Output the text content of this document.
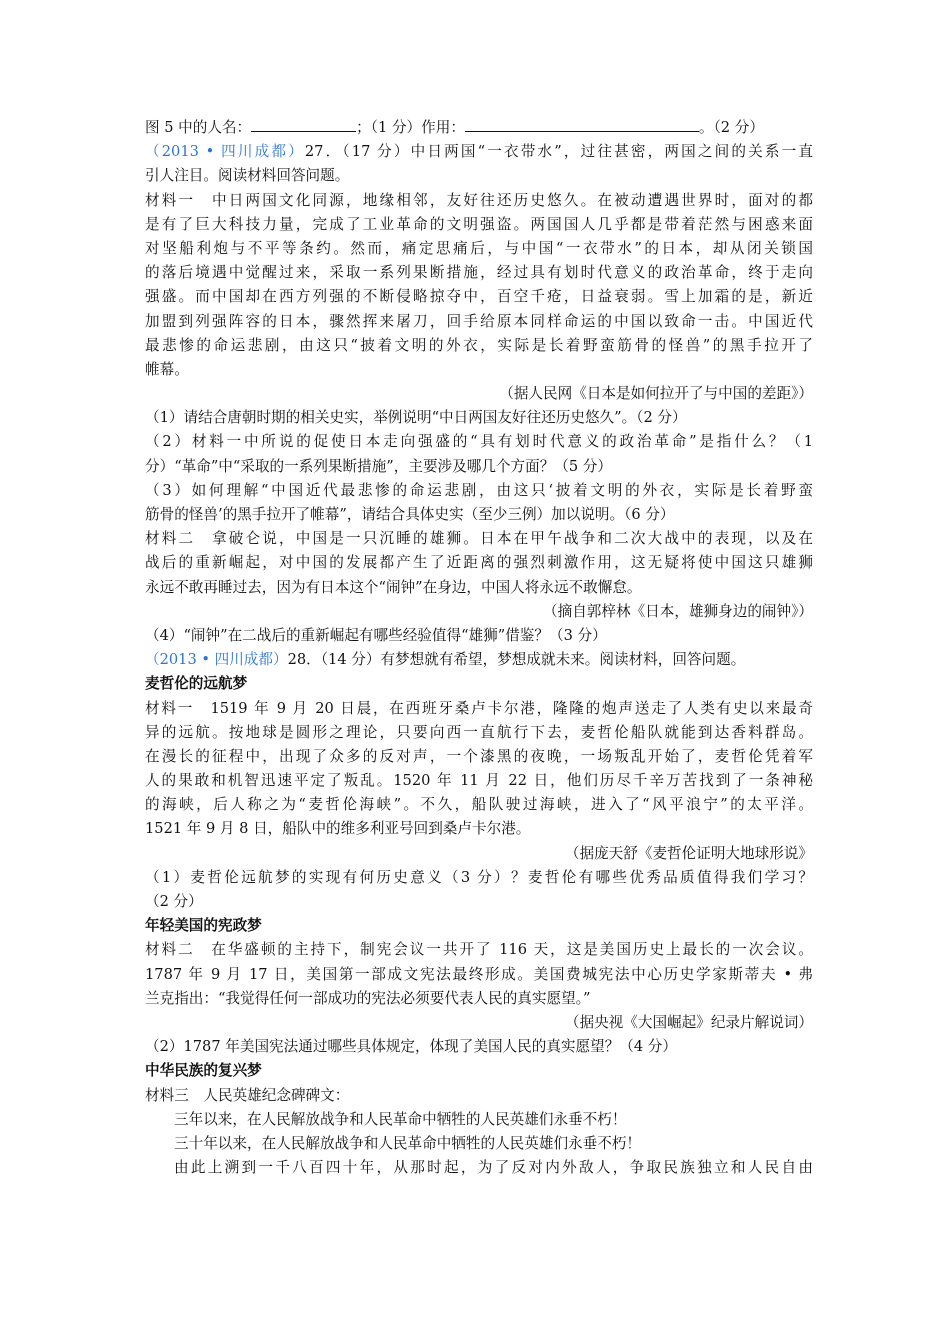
图 5 中的人名：	；（1 分）作用：	。（2 分）
（2013 • 四川成都）27．（17 分）中日两国“一衣带水”，过往甚密，两国之间的关系一直
引人注目。阅读材料回答问题。
材料一　中日两国文化同源，地缘相邻，友好往还历史悠久。在被动遭遇世界时，面对的都
是有了巨大科技力量，完成了工业革命的文明强盗。两国国人几乎都是带着茫然与困惑来面
对坚船利炮与不平等条约。然而，痛定思痛后，与中国“一衣带水”的日本，却从闭关锁国
的落后境遇中觉醒过来，采取一系列果断措施，经过具有划时代意义的政治革命，终于走向
强盛。而中国却在西方列强的不断侵略掠夺中，百空千疮，日益衰弱。雪上加霜的是，新近
加盟到列强阵容的日本，骤然挥来屠刀，回手给原本同样命运的中国以致命一击。中国近代
最悲惨的命运悲剧，由这只“披着文明的外衣，实际是长着野蛮筋骨的怪兽”的黑手拉开了
帷幕。
（据人民网《日本是如何拉开了与中国的差距》）
（1）请结合唐朝时期的相关史实，举例说明“中日两国友好往还历史悠久”。（2 分）
（2）材料一中所说的促使日本走向强盛的“具有划时代意义的政治革命”是指什么？（1
分）“革命”中“采取的一系列果断措施”，主要涉及哪几个方面？（5 分）
（3）如何理解“中国近代最悲惨的命运悲剧，由这只‘披着文明的外衣，实际是长着野蛮
筋骨的怪兽’的黑手拉开了帷幕”，请结合具体史实（至少三例）加以说明。（6 分）
材料二　拿破仑说，中国是一只沉睡的雄狮。日本在甲午战争和二次大战中的表现，以及在
战后的重新崛起，对中国的发展都产生了近距离的强烈刺激作用，这无疑将使中国这只雄狮
永远不敢再睡过去，因为有日本这个“闹钟”在身边，中国人将永远不敢懈怠。
（摘自郭梓林《日本，雄狮身边的闹钟》）
（4）“闹钟”在二战后的重新崛起有哪些经验值得“雄狮”借鉴？（3 分）
（2013 • 四川成都）28．（14 分）有梦想就有希望，梦想成就未来。阅读材料，回答问题。
麦哲伦的远航梦
材料一　1519 年 9 月 20 日晨，在西班牙桑卢卡尔港，隆隆的炮声送走了人类有史以来最奇
异的远航。按地球是圆形之理论，只要向西一直航行下去，麦哲伦船队就能到达香料群岛。
在漫长的征程中，出现了众多的反对声，一个漆黑的夜晚，一场叛乱开始了，麦哲伦凭着军
人的果敢和机智迅速平定了叛乱。1520 年 11 月 22 日，他们历尽千辛万苦找到了一条神秘
的海峡，后人称之为“麦哲伦海峡”。不久，船队驶过海峡，进入了“风平浪宁”的太平洋。
1521 年 9 月 8 日，船队中的维多利亚号回到桑卢卡尔港。
（据庞天舒《麦哲伦证明大地球形说》
（1）麦哲伦远航梦的实现有何历史意义（3 分）？麦哲伦有哪些优秀品质值得我们学习？
（2 分）
年轻美国的宪政梦
材料二　在华盛顿的主持下，制宪会议一共开了 116 天，这是美国历史上最长的一次会议。
1787 年 9 月 17 日，美国第一部成文宪法最终形成。美国费城宪法中心历史学家斯蒂夫 • 弗
兰克指出：“我觉得任何一部成功的宪法必须要代表人民的真实愿望。”
（据央视《大国崛起》纪录片解说词）
（2）1787 年美国宪法通过哪些具体规定，体现了美国人民的真实愿望？（4 分）
中华民族的复兴梦
材料三　人民英雄纪念碑碑文：
三年以来，在人民解放战争和人民革命中牺牲的人民英雄们永垂不朽！
三十年以来，在人民解放战争和人民革命中牺牲的人民英雄们永垂不朽！
由此上溯到一千八百四十年，从那时起，为了反对内外敌人，争取民族独立和人民自由
